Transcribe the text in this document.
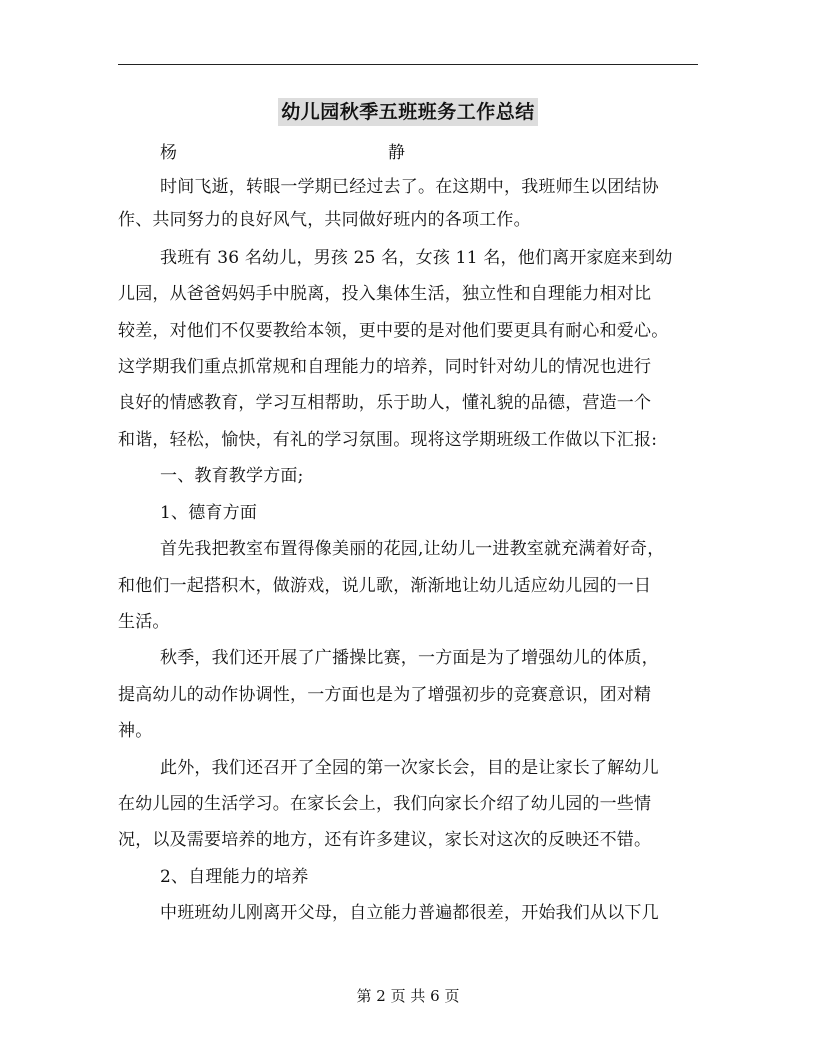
幼儿园秋季五班班务工作总结
杨	静
时间飞逝，转眼一学期已经过去了。在这期中，我班师生以团结协
作、共同努力的良好风气，共同做好班内的各项工作。
我班有 36 名幼儿，男孩 25 名，女孩 11 名，他们离开家庭来到幼
儿园，从爸爸妈妈手中脱离，投入集体生活，独立性和自理能力相对比
较差，对他们不仅要教给本领，更中要的是对他们要更具有耐心和爱心。
这学期我们重点抓常规和自理能力的培养，同时针对幼儿的情况也进行
良好的情感教育，学习互相帮助，乐于助人，懂礼貌的品德，营造一个
和谐，轻松，愉快，有礼的学习氛围。现将这学期班级工作做以下汇报:
一、教育教学方面;
1、德育方面
首先我把教室布置得像美丽的花园,让幼儿一进教室就充满着好奇，
和他们一起搭积木，做游戏，说儿歌，渐渐地让幼儿适应幼儿园的一日
生活。
秋季，我们还开展了广播操比赛，一方面是为了增强幼儿的体质，
提高幼儿的动作协调性，一方面也是为了增强初步的竞赛意识，团对精
神。
此外，我们还召开了全园的第一次家长会，目的是让家长了解幼儿
在幼儿园的生活学习。在家长会上，我们向家长介绍了幼儿园的一些情
况，以及需要培养的地方，还有许多建议，家长对这次的反映还不错。
2、自理能力的培养
中班班幼儿刚离开父母，自立能力普遍都很差，开始我们从以下几
第 2 页 共 6 页
